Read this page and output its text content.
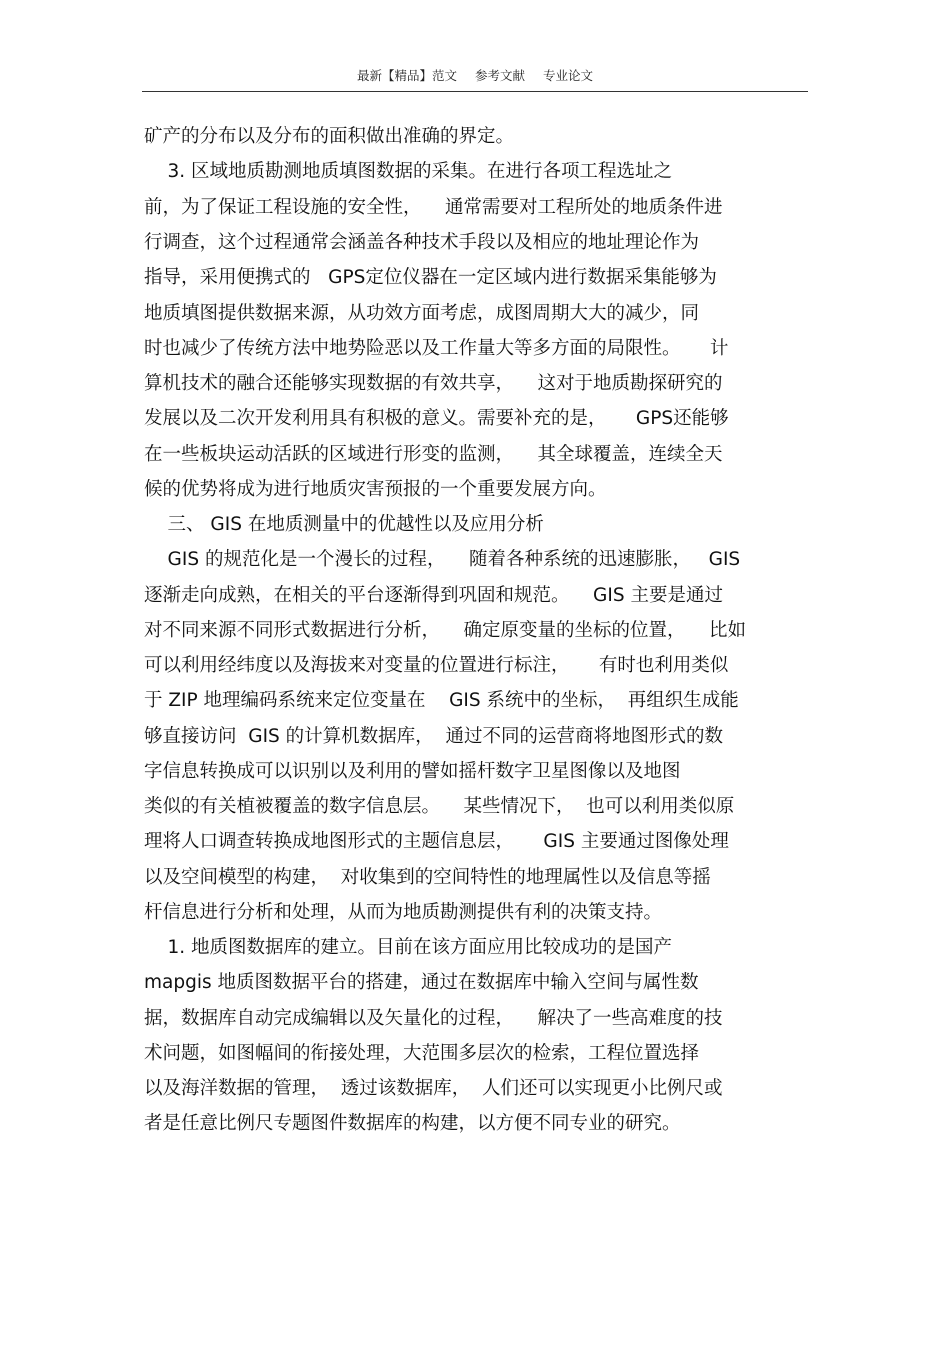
最新【精品】范文 参考文献 专业论文
矿产的分布以及分布的面积做出准确的界定。
3. 区域地质勘测地质填图数据的采集。在进行各项工程选址之
前，为了保证工程设施的安全性，    通常需要对工程所处的地质条件进
行调查，这个过程通常会涵盖各种技术手段以及相应的地址理论作为
指导，采用便携式的   GPS定位仪器在一定区域内进行数据采集能够为
地质填图提供数据来源，从功效方面考虑，成图周期大大的减少，同
时也减少了传统方法中地势险恶以及工作量大等多方面的局限性。     计
算机技术的融合还能够实现数据的有效共享，    这对于地质勘探研究的
发展以及二次开发利用具有积极的意义。需要补充的是，     GPS还能够
在一些板块运动活跃的区域进行形变的监测，    其全球覆盖，连续全天
候的优势将成为进行地质灾害预报的一个重要发展方向。
三、 GIS 在地质测量中的优越性以及应用分析
GIS 的规范化是一个漫长的过程，    随着各种系统的迅速膨胀，   GIS
逐渐走向成熟，在相关的平台逐渐得到巩固和规范。    GIS 主要是通过
对不同来源不同形式数据进行分析，    确定原变量的坐标的位置，    比如
可以利用经纬度以及海拔来对变量的位置进行标注，     有时也利用类似
于 ZIP 地理编码系统来定位变量在    GIS 系统中的坐标，  再组织生成能
够直接访问  GIS 的计算机数据库，  通过不同的运营商将地图形式的数
字信息转换成可以识别以及利用的譬如摇杆数字卫星图像以及地图
类似的有关植被覆盖的数字信息层。    某些情况下，  也可以利用类似原
理将人口调查转换成地图形式的主题信息层，     GIS 主要通过图像处理
以及空间模型的构建，  对收集到的空间特性的地理属性以及信息等摇
杆信息进行分析和处理，从而为地质勘测提供有利的决策支持。
1. 地质图数据库的建立。目前在该方面应用比较成功的是国产
mapgis 地质图数据平台的搭建，通过在数据库中输入空间与属性数
据，数据库自动完成编辑以及矢量化的过程，    解决了一些高难度的技
术问题，如图幅间的衔接处理，大范围多层次的检索，工程位置选择
以及海洋数据的管理，  透过该数据库，  人们还可以实现更小比例尺或
者是任意比例尺专题图件数据库的构建，以方便不同专业的研究。
